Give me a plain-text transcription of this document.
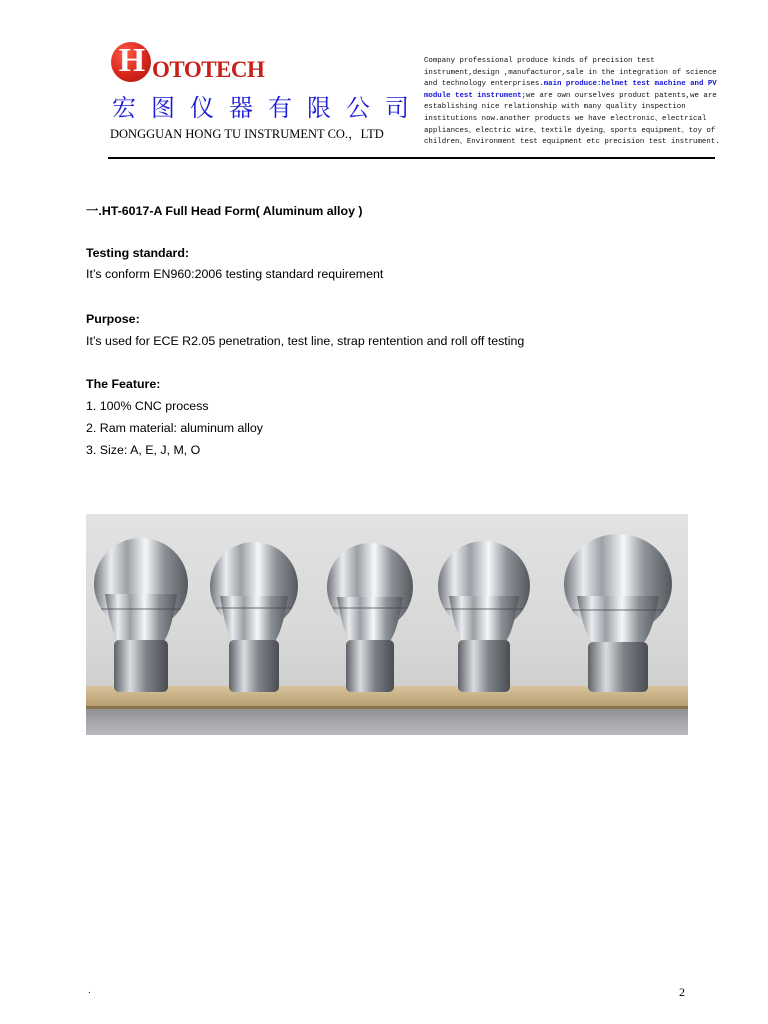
H OTOTECH
宏图仪器有限公司
DONGGUAN HONG TU INSTRUMENT CO.，LTD
Company professional produce kinds of precision test instrument,design ,manufacturor,sale in the integration of science and technology enterprises.main produce:helmet test machine and PV module test instrument;we are own ourselves product patents,we are establishing nice relationship with many quality inspection institutions now.another products we have electronic、electrical appliances、electric wire、textile dyeing、sports equipment、toy of children、Environment test equipment etc precision test instrument.
一.HT-6017-A Full Head Form( Aluminum alloy )
Testing standard:
It’s conform EN960:2006 testing standard requirement
Purpose:
It’s used for ECE R2.05 penetration, test line, strap rentention and roll off testing
The Feature:
1. 100% CNC process
2. Ram material: aluminum alloy
3. Size: A, E, J, M, O
.	2
